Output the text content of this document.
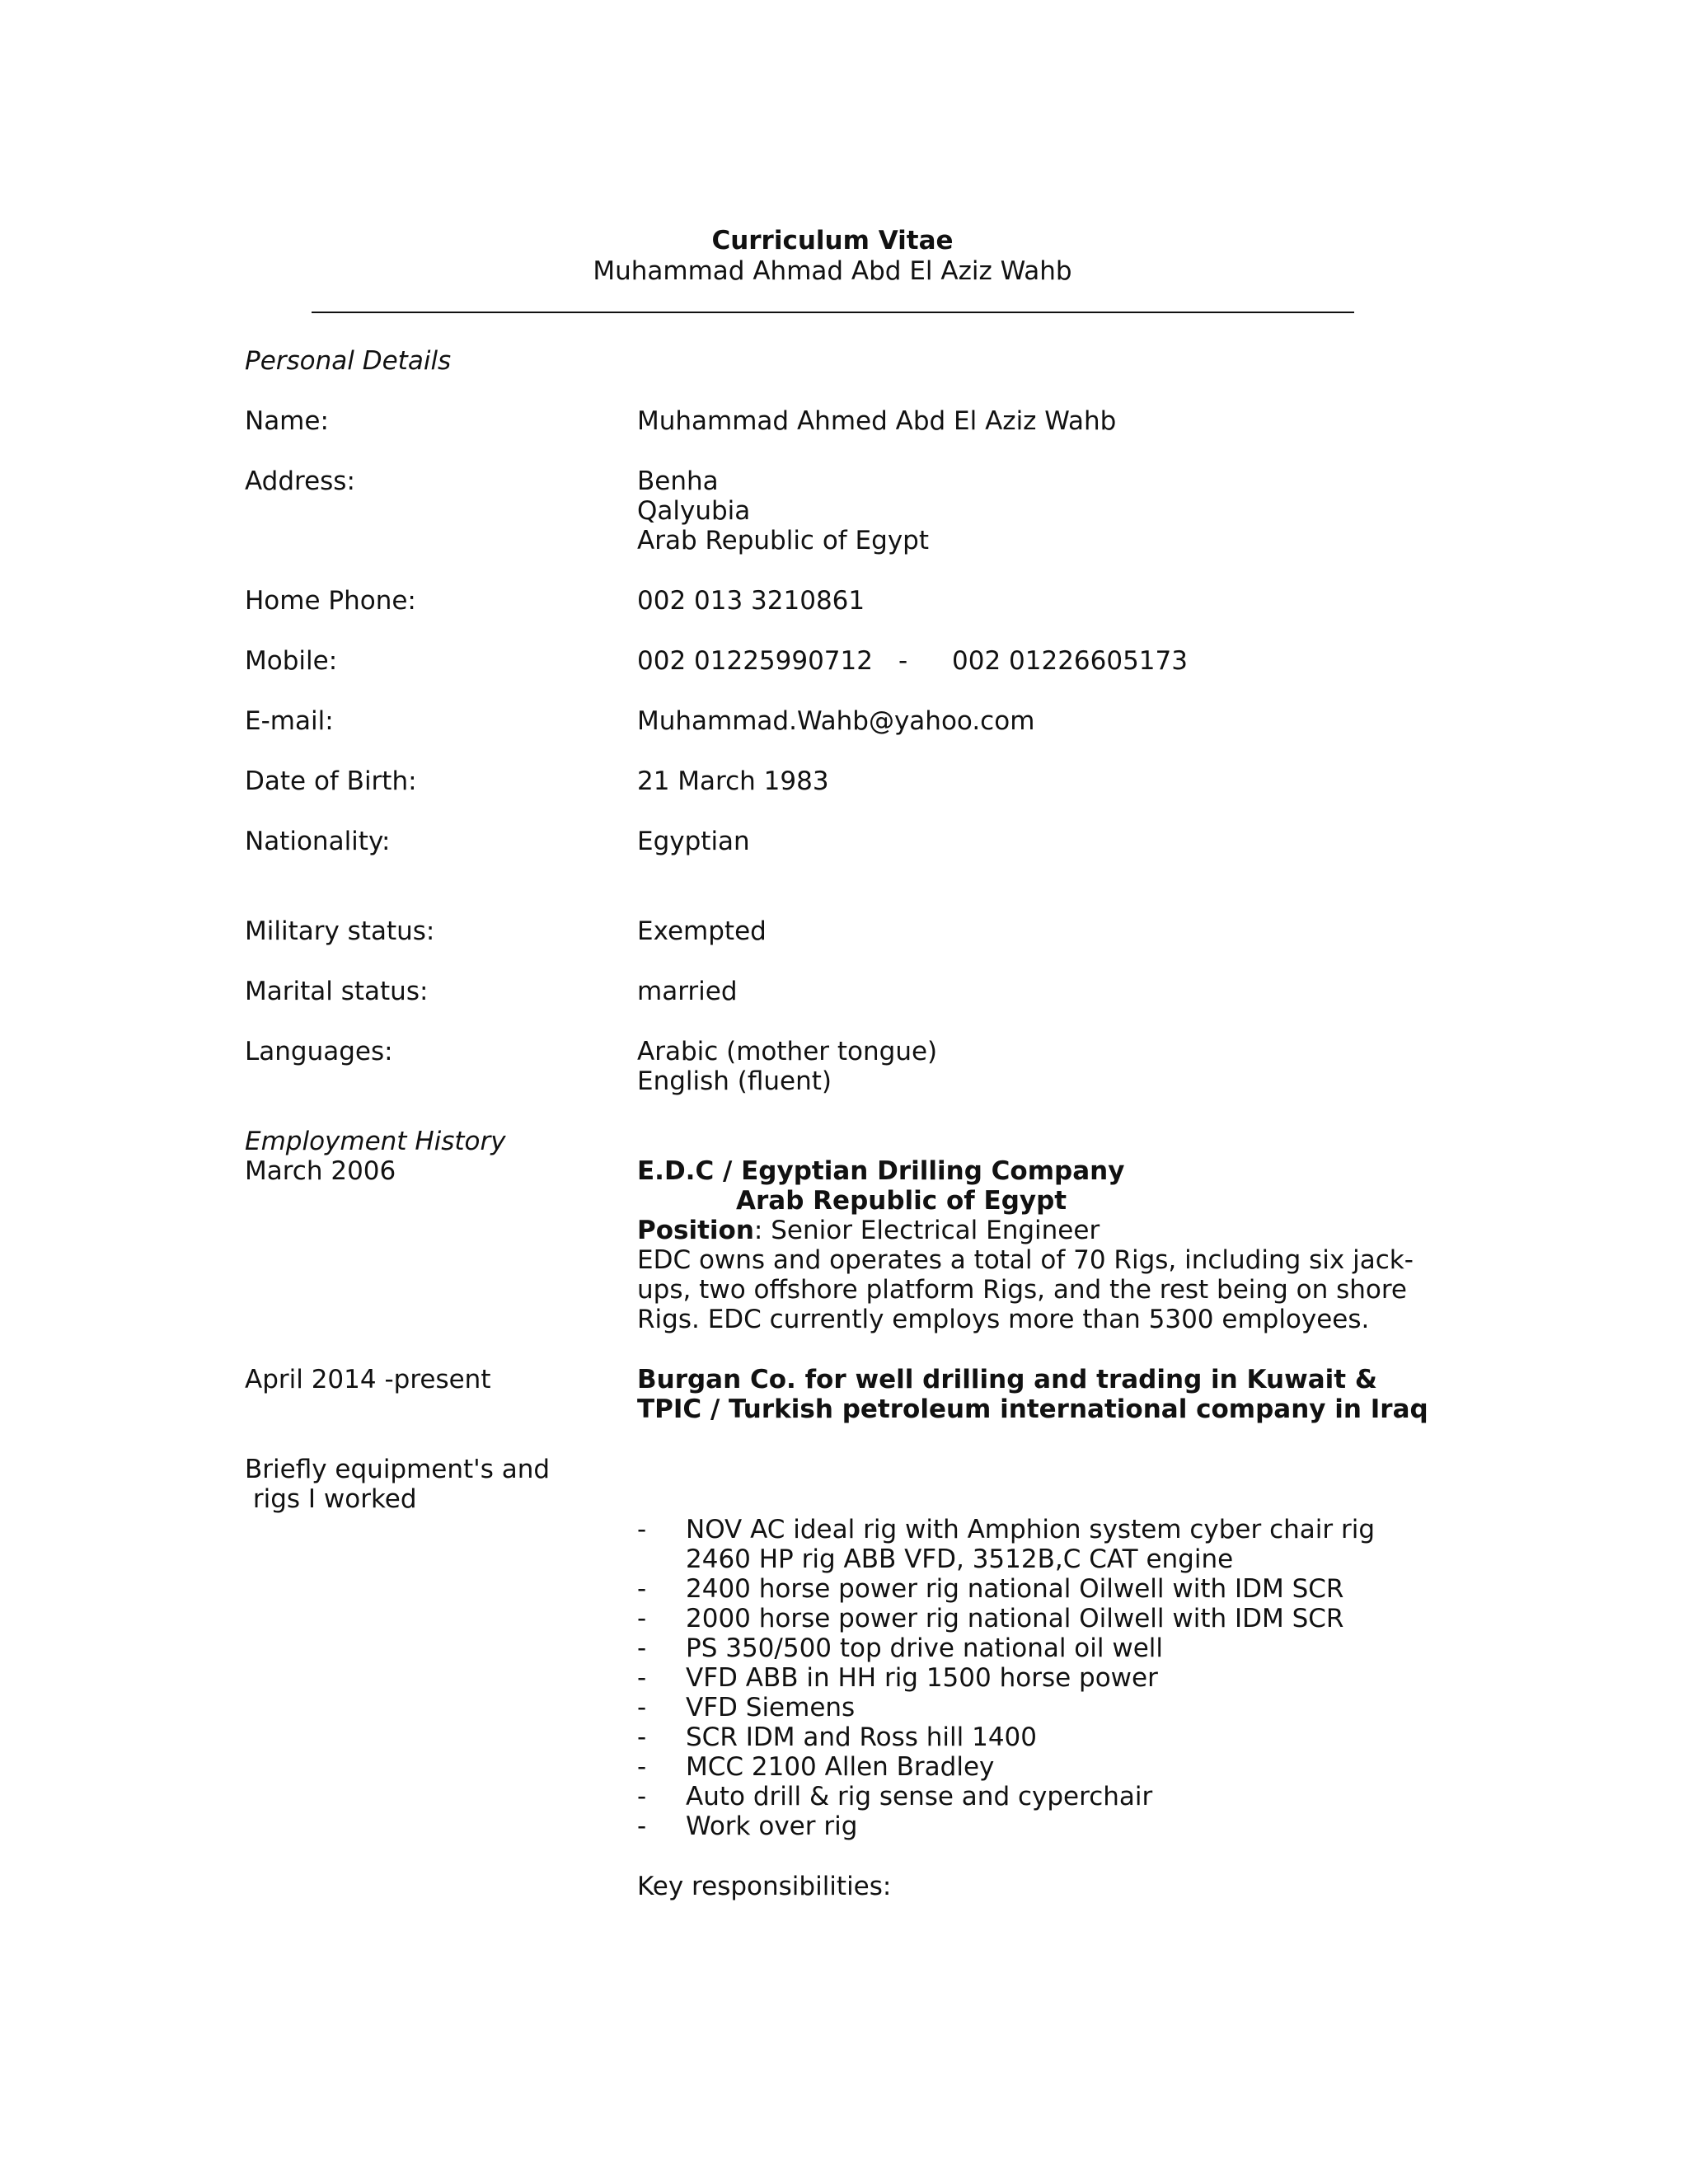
Curriculum Vitae
Muhammad Ahmad Abd El Aziz Wahb
Personal Details
Name:	Muhammad Ahmed Abd El Aziz Wahb
Address:	Benha
Qalyubia
Arab Republic of Egypt
Home Phone:	002 013 3210861
Mobile:	002 01225990712 - 002 01226605173
E-mail:	Muhammad.Wahb@yahoo.com
Date of Birth:	21 March 1983
Nationality:	Egyptian
Military status:	Exempted
Marital status:	married
Languages:	Arabic (mother tongue)
English (fluent)
Employment History
March 2006	E.D.C / Egyptian Drilling Company
Arab Republic of Egypt
Position: Senior Electrical Engineer
EDC owns and operates a total of 70 Rigs, including six jack-
ups, two offshore platform Rigs, and the rest being on shore
Rigs. EDC currently employs more than 5300 employees.
April 2014 -present	Burgan Co. for well drilling and trading in Kuwait &
TPIC / Turkish petroleum international company in Iraq
Briefly equipment's and
rigs I worked
- NOV AC ideal rig with Amphion system cyber chair rig
2460 HP rig ABB VFD, 3512B,C CAT engine
- 2400 horse power rig national Oilwell with IDM SCR
- 2000 horse power rig national Oilwell with IDM SCR
- PS 350/500 top drive national oil well
- VFD ABB in HH rig 1500 horse power
- VFD Siemens
- SCR IDM and Ross hill 1400
- MCC 2100 Allen Bradley
- Auto drill & rig sense and cyperchair
- Work over rig
Key responsibilities:
